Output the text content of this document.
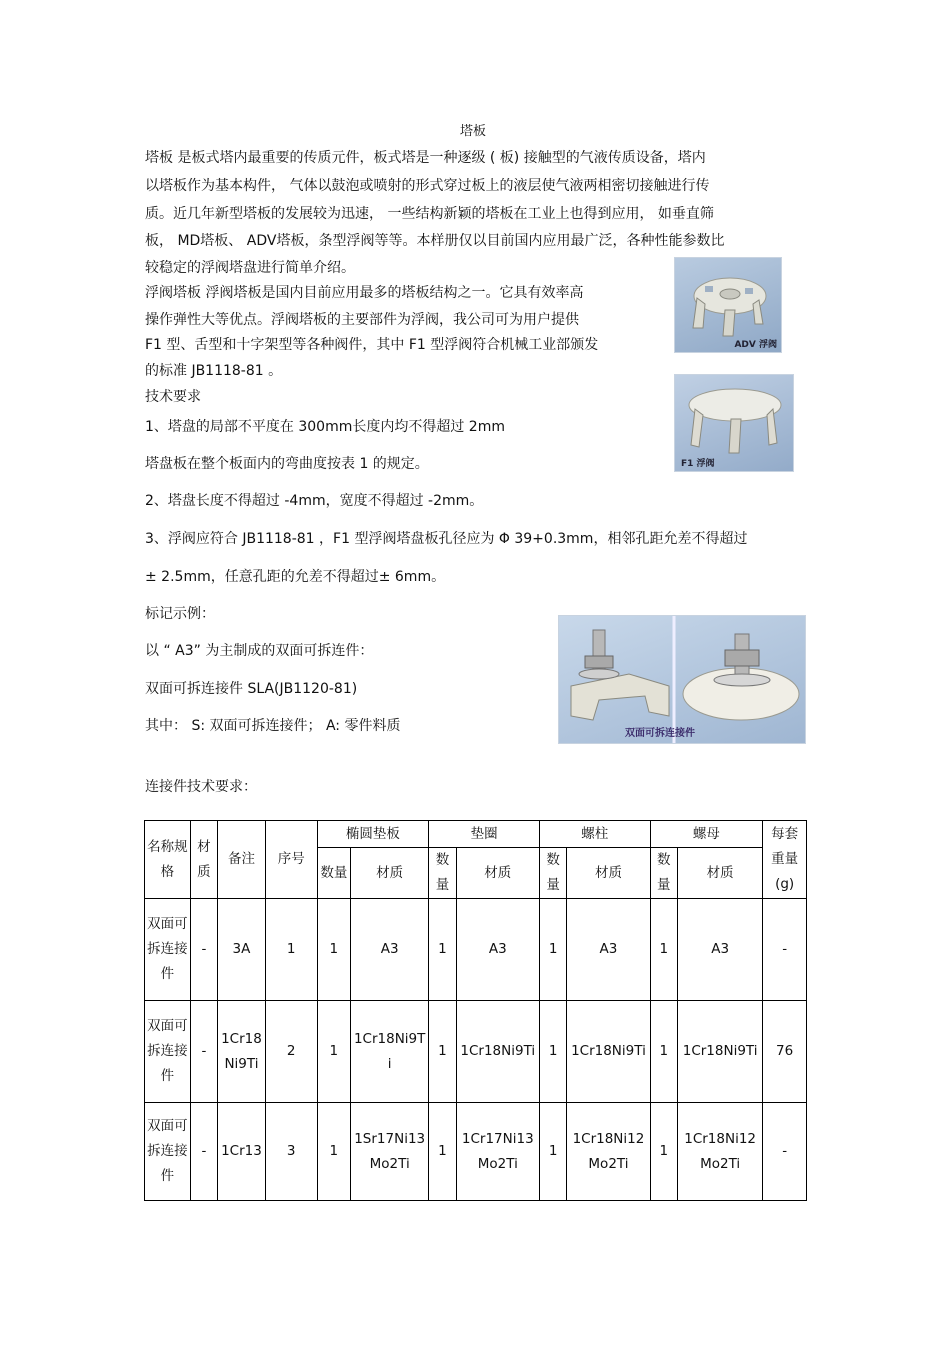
塔板
塔板 是板式塔内最重要的传质元件，板式塔是一种逐级 ( 板) 接触型的气液传质设备，塔内
以塔板作为基本构件， 气体以鼓泡或喷射的形式穿过板上的液层使气液两相密切接触进行传
质。近几年新型塔板的发展较为迅速， 一些结构新颖的塔板在工业上也得到应用， 如垂直筛
板， MD塔板、 ADV塔板，条型浮阀等等。本样册仅以目前国内应用最广泛，各种性能参数比
较稳定的浮阀塔盘进行简单介绍。
浮阀塔板 浮阀塔板是国内目前应用最多的塔板结构之一。它具有效率高
操作弹性大等优点。浮阀塔板的主要部件为浮阀，我公司可为用户提供
F1 型、舌型和十字架型等各种阀件，其中 F1 型浮阀符合机械工业部颁发
的标准 JB1118-81 。
技术要求
1、塔盘的局部不平度在 300mm长度内均不得超过 2mm
塔盘板在整个板面内的弯曲度按表 1 的规定。
2、塔盘长度不得超过 -4mm，宽度不得超过 -2mm。
3、浮阀应符合 JB1118-81 ，F1 型浮阀塔盘板孔径应为 Φ 39+0.3mm，相邻孔距允差不得超过
± 2.5mm，任意孔距的允差不得超过± 6mm。
标记示例：
以 “ A3” 为主制成的双面可拆连件：
双面可拆连接件 SLA(JB1120-81)
其中： S: 双面可拆连接件； A: 零件料质
连接件技术要求：
ADV 浮阀
F1 浮阀
双面可拆连接件
名称规格	材质	备注	序号	椭圆垫板		垫圈		螺柱		螺母		每套重量(g)
				数量	材质	数量	材质	数量	材质	数量	材质	
双面可拆连接件	-	3A	1	1	A3	1	A3	1	A3	1	A3	-
双面可拆连接件	-	1Cr18Ni9Ti	2	1	1Cr18Ni9Ti	1	1Cr18Ni9Ti	1	1Cr18Ni9Ti	1	1Cr18Ni9Ti	76
双面可拆连接件	-	1Cr13	3	1	1Sr17Ni13Mo2Ti	1	1Cr17Ni13Mo2Ti	1	1Cr18Ni12Mo2Ti	1	1Cr18Ni12Mo2Ti	-
